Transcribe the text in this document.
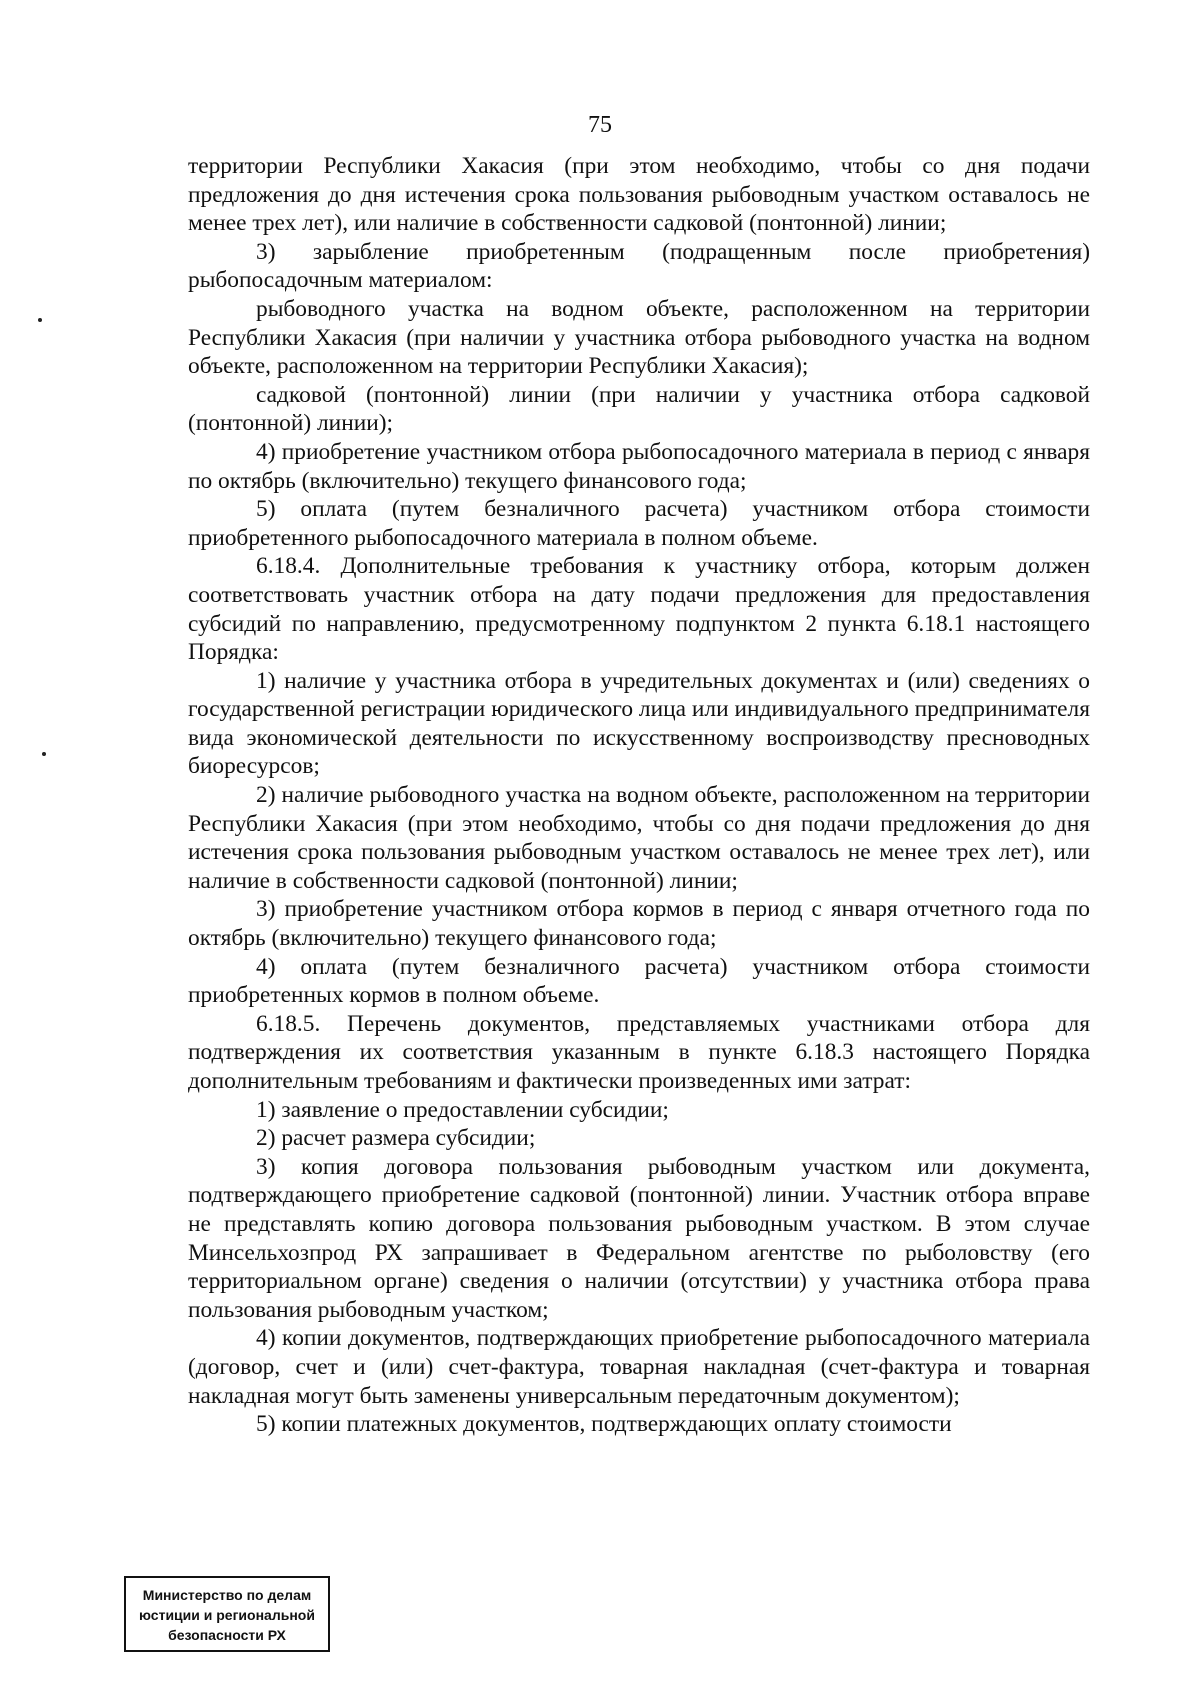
75

территории Республики Хакасия (при этом необходимо, чтобы со дня подачи предложения до дня истечения срока пользования рыбоводным участком оставалось не менее трех лет), или наличие в собственности садковой (понтонной) линии;

3) зарыбление приобретенным (подращенным после приобретения) рыбопосадочным материалом:

рыбоводного участка на водном объекте, расположенном на территории Республики Хакасия (при наличии у участника отбора рыбоводного участка на водном объекте, расположенном на территории Республики Хакасия);

садковой (понтонной) линии (при наличии у участника отбора садковой (понтонной) линии);

4) приобретение участником отбора рыбопосадочного материала в период с января по октябрь (включительно) текущего финансового года;

5) оплата (путем безналичного расчета) участником отбора стоимости приобретенного рыбопосадочного материала в полном объеме.

6.18.4. Дополнительные требования к участнику отбора, которым должен соответствовать участник отбора на дату подачи предложения для предоставления субсидий по направлению, предусмотренному подпунктом 2 пункта 6.18.1 настоящего Порядка:

1) наличие у участника отбора в учредительных документах и (или) сведениях о государственной регистрации юридического лица или индивидуального предпринимателя вида экономической деятельности по искусственному воспроизводству пресноводных биоресурсов;

2) наличие рыбоводного участка на водном объекте, расположенном на территории Республики Хакасия (при этом необходимо, чтобы со дня подачи предложения до дня истечения срока пользования рыбоводным участком оставалось не менее трех лет), или наличие в собственности садковой (понтонной) линии;

3) приобретение участником отбора кормов в период с января отчетного года по октябрь (включительно) текущего финансового года;

4) оплата (путем безналичного расчета) участником отбора стоимости приобретенных кормов в полном объеме.

6.18.5. Перечень документов, представляемых участниками отбора для подтверждения их соответствия указанным в пункте 6.18.3 настоящего Порядка дополнительным требованиям и фактически произведенных ими затрат:

1) заявление о предоставлении субсидии;

2) расчет размера субсидии;

3) копия договора пользования рыбоводным участком или документа, подтверждающего приобретение садковой (понтонной) линии. Участник отбора вправе не представлять копию договора пользования рыбоводным участком. В этом случае Минсельхозпрод РХ запрашивает в Федеральном агентстве по рыболовству (его территориальном органе) сведения о наличии (отсутствии) у участника отбора права пользования рыбоводным участком;

4) копии документов, подтверждающих приобретение рыбопосадочного материала (договор, счет и (или) счет-фактура, товарная накладная (счет-фактура и товарная накладная могут быть заменены универсальным передаточным документом);

5) копии платежных документов, подтверждающих оплату стоимости

Министерство по делам
юстиции и региональной
безопасности РХ
